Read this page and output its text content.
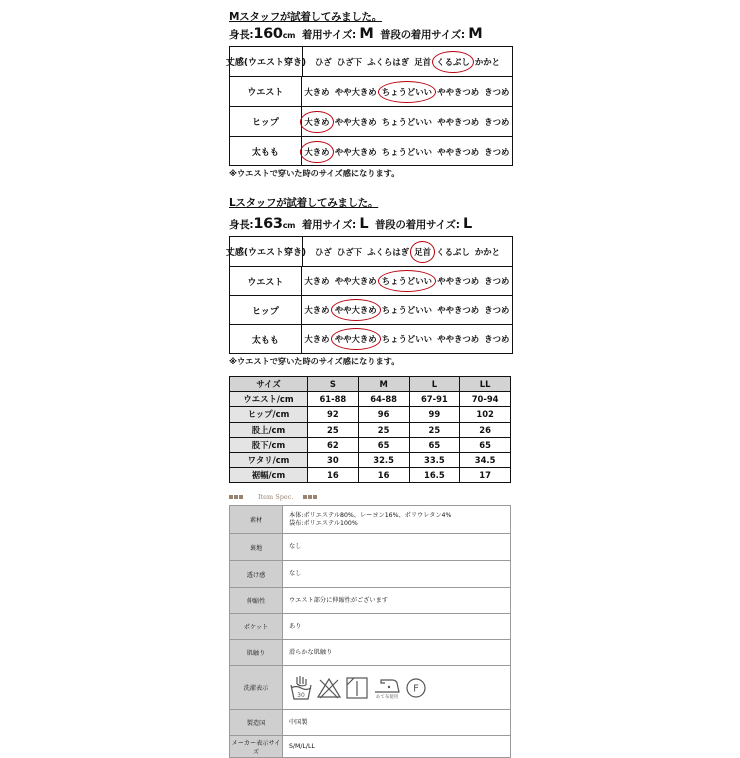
Mスタッフが試着してみました。
身長:160cm 着用サイズ: M 普段の着用サイズ: M
丈感(ウエスト穿き) ひざ ひざ下 ふくらはぎ 足首 くるぶし かかと
ウエスト	大きめ やや大きめ ちょうどいい ややきつめ きつめ
ヒップ	大きめ やや大きめ ちょうどいい ややきつめ きつめ
太もも	大きめ やや大きめ ちょうどいい ややきつめ きつめ
※ウエストで穿いた時のサイズ感になります。
Lスタッフが試着してみました。
身長:163cm 着用サイズ: L 普段の着用サイズ: L
丈感(ウエスト穿き) ひざ ひざ下 ふくらはぎ 足首 くるぶし かかと
ウエスト	大きめ やや大きめ ちょうどいい ややきつめ きつめ
ヒップ	大きめ やや大きめ ちょうどいい ややきつめ きつめ
太もも	大きめ やや大きめ ちょうどいい ややきつめ きつめ
※ウエストで穿いた時のサイズ感になります。
サイズ	S	M	L	LL
ウエスト/cm	61-88	64-88	67-91	70-94
ヒップ/cm	92	96	99	102
股上/cm	25	25	25	26
股下/cm	62	65	65	65
ワタリ/cm	30	32.5	33.5	34.5
裾幅/cm	16	16	16.5	17
Item Spec.
素材	本体:ポリエステル80%、レーヨン16%、ポリウレタン4%
袋布:ポリエステル100%

裏地	なし

透け感	なし

伸縮性	ウエスト部分に伸縮性がございます

ポケット	あり

肌触り	滑らかな肌触り

洗濯表示	30 あて布使用
F

製造国	中国製

メーカー表示サイズ	S/M/L/LL
